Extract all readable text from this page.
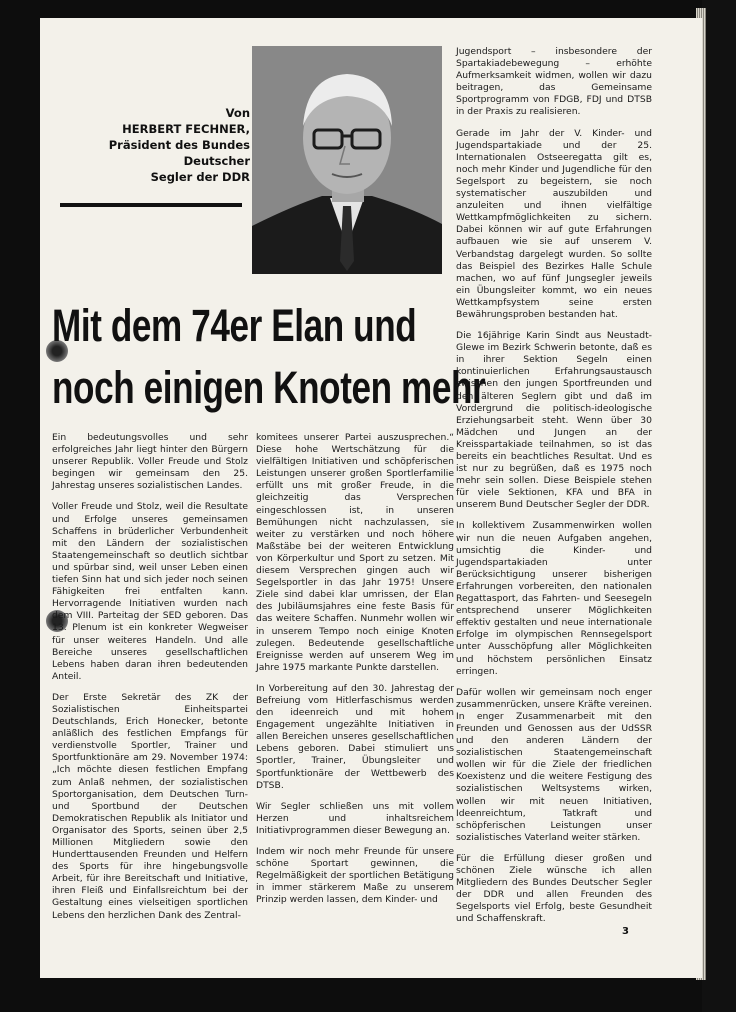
Von
HERBERT FECHNER,
Präsident des Bundes Deutscher
Segler der DDR
Mit dem 74er Elan und
noch einigen Knoten mehr

Ein bedeutungsvolles und sehr erfolgreiches Jahr liegt hinter den Bürgern unserer Republik. Voller Freude und Stolz begingen wir gemeinsam den 25. Jahrestag unseres sozialistischen Landes.

Voller Freude und Stolz, weil die Resultate und Erfolge unseres gemeinsamen Schaffens in brüderlicher Verbundenheit mit den Ländern der sozialistischen Staatengemeinschaft so deutlich sichtbar und spürbar sind, weil unser Leben einen tiefen Sinn hat und sich jeder noch seinen Fähigkeiten frei entfalten kann. Hervorragende Initiativen wurden nach dem VIII. Parteitag der SED geboren. Das 13. Plenum ist ein konkreter Wegweiser für unser weiteres Handeln. Und alle Bereiche unseres gesellschaftlichen Lebens haben daran ihren bedeutenden Anteil.

Der Erste Sekretär des ZK der Sozialistischen Einheitspartei Deutschlands, Erich Honecker, betonte anläßlich des festlichen Empfangs für verdienstvolle Sportler, Trainer und Sportfunktionäre am 29. November 1974: „Ich möchte diesen festlichen Empfang zum Anlaß nehmen, der sozialistischen Sportorganisation, dem Deutschen Turn- und Sportbund der Deutschen Demokratischen Republik als Initiator und Organisator des Sports, seinen über 2,5 Millionen Mitgliedern sowie den Hunderttausenden Freunden und Helfern des Sports für ihre hingebungsvolle Arbeit, für ihre Bereitschaft und Initiative, ihren Fleiß und Einfallsreichtum bei der Gestaltung eines vielseitigen sportlichen Lebens den herzlichen Dank des Zentral-

komitees unserer Partei auszusprechen.“ Diese hohe Wertschätzung für die vielfältigen Initiativen und schöpferischen Leistungen unserer großen Sportlerfamilie erfüllt uns mit großer Freude, in die gleichzeitig das Versprechen eingeschlossen ist, in unseren Bemühungen nicht nachzulassen, sie weiter zu verstärken und noch höhere Maßstäbe bei der weiteren Entwicklung von Körperkultur und Sport zu setzen. Mit diesem Versprechen gingen auch wir Segelsportler in das Jahr 1975! Unsere Ziele sind dabei klar umrissen, der Elan des Jubiläumsjahres eine feste Basis für das weitere Schaffen. Nunmehr wollen wir in unserem Tempo noch einige Knoten zulegen. Bedeutende gesellschaftliche Ereignisse werden auf unserem Weg im Jahre 1975 markante Punkte darstellen.

In Vorbereitung auf den 30. Jahrestag der Befreiung vom Hitlerfaschismus werden den ideenreich und mit hohem Engagement ungezählte Initiativen in allen Bereichen unseres gesellschaftlichen Lebens geboren. Dabei stimuliert uns Sportler, Trainer, Übungsleiter und Sportfunktionäre der Wettbewerb des DTSB.

Wir Segler schließen uns mit vollem Herzen und inhaltsreichem Initiativprogrammen dieser Bewegung an.

Indem wir noch mehr Freunde für unsere schöne Sportart gewinnen, die Regelmäßigkeit der sportlichen Betätigung in immer stärkerem Maße zu unserem Prinzip werden lassen, dem Kinder- und

Jugendsport – insbesondere der Spartakiadebewegung – erhöhte Aufmerksamkeit widmen, wollen wir dazu beitragen, das Gemeinsame Sportprogramm von FDGB, FDJ und DTSB in der Praxis zu realisieren.

Gerade im Jahr der V. Kinder- und Jugendspartakiade und der 25. Internationalen Ostseeregatta gilt es, noch mehr Kinder und Jugendliche für den Segelsport zu begeistern, sie noch systematischer auszubilden und anzuleiten und ihnen vielfältige Wettkampfmöglichkeiten zu sichern. Dabei können wir auf gute Erfahrungen aufbauen wie sie auf unserem V. Verbandstag dargelegt wurden. So sollte das Beispiel des Bezirkes Halle Schule machen, wo auf fünf Jungsegler jeweils ein Übungsleiter kommt, wo ein neues Wettkampfsystem seine ersten Bewährungsproben bestanden hat.

Die 16jährige Karin Sindt aus Neustadt-Glewe im Bezirk Schwerin betonte, daß es in ihrer Sektion Segeln einen kontinuierlichen Erfahrungsaustausch zwischen den jungen Sportfreunden und den älteren Seglern gibt und daß im Vordergrund die politisch-ideologische Erziehungsarbeit steht. Wenn über 30 Mädchen und Jungen an der Kreisspartakiade teilnahmen, so ist das bereits ein beachtliches Resultat. Und es ist nur zu begrüßen, daß es 1975 noch mehr sein sollen. Diese Beispiele stehen für viele Sektionen, KFA und BFA in unserem Bund Deutscher Segler der DDR.

In kollektivem Zusammenwirken wollen wir nun die neuen Aufgaben angehen, umsichtig die Kinder- und Jugendspartakiaden unter Berücksichtigung unserer bisherigen Erfahrungen vorbereiten, den nationalen Regattasport, das Fahrten- und Seesegeln entsprechend unserer Möglichkeiten effektiv gestalten und neue internationale Erfolge im olympischen Rennsegelsport unter Ausschöpfung aller Möglichkeiten und höchstem persönlichen Einsatz erringen.

Dafür wollen wir gemeinsam noch enger zusammenrücken, unsere Kräfte vereinen. In enger Zusammenarbeit mit den Freunden und Genossen aus der UdSSR und den anderen Ländern der sozialistischen Staatengemeinschaft wollen wir für die Ziele der friedlichen Koexistenz und die weitere Festigung des sozialistischen Weltsystems wirken, wollen wir mit neuen Initiativen, Ideenreichtum, Tatkraft und schöpferischen Leistungen unser sozialistisches Vaterland weiter stärken.

Für die Erfüllung dieser großen und schönen Ziele wünsche ich allen Mitgliedern des Bundes Deutscher Segler der DDR und allen Freunden des Segelsports viel Erfolg, beste Gesundheit und Schaffenskraft.

3
